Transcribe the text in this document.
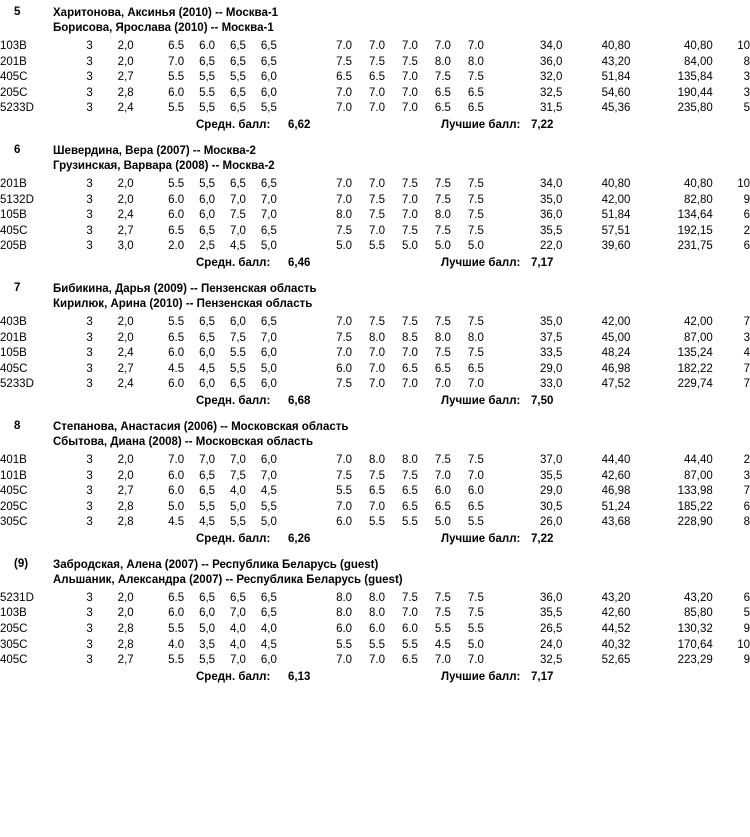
5	Харитонова, Аксинья (2010) -- Москва-1
Борисова, Ярослава (2010) -- Москва-1
103B	3	2,0		6.5	6.0	6,5	6,5		7.0	7.0	7.0	7.0	7.0		34,0		40,80		40,80		10
201B	3	2,0		7.0	6,5	6,5	6,5		7.5	7.5	7.5	8.0	8.0		36,0		43,20		84,00		8
405C	3	2,7		5.5	5,5	5,5	6,0		6.5	6.5	7.0	7.5	7.5		32,0		51,84		135,84		3
205C	3	2,8		6.0	5.5	6,5	6,0		7.0	7.0	7.0	6.5	6.5		32,5		54,60		190,44		3
5233D	3	2,4		5.5	5,5	6,5	5,5		7.0	7.0	7.0	6.5	6.5		31,5		45,36		235,80		5
Средн. балл: 6,62	Лучшие балл: 7,22
6	Шевердина, Вера (2007) -- Москва-2
Грузинская, Варвара (2008) -- Москва-2
201B	3	2,0		5.5	5,5	6,5	6,5		7.0	7.0	7.5	7.5	7.5		34,0		40,80		40,80		10
5132D	3	2,0		6.0	6,0	7,0	7,0		7.0	7.5	7.0	7.5	7.5		35,0		42,00		82,80		9
105B	3	2,4		6.0	6,0	7.5	7,0		8.0	7.5	7.0	8.0	7.5		36,0		51,84		134,64		6
405C	3	2,7		6.5	6,5	7,0	6,5		7.5	7.0	7.5	7.5	7.5		35,5		57,51		192,15		2
205B	3	3,0		2.0	2,5	4,5	5,0		5.0	5.5	5.0	5.0	5.0		22,0		39,60		231,75		6
Средн. балл: 6,46	Лучшие балл: 7,17
7	Бибикина, Дарья (2009) -- Пензенская область
Кирилюк, Арина (2010) -- Пензенская область
403B	3	2,0		5.5	6,5	6,0	6,5		7.0	7.5	7.5	7.5	7.5		35,0		42,00		42,00		7
201B	3	2,0		6.5	6,5	7,5	7,0		7.5	8.0	8.5	8.0	8.0		37,5		45,00		87,00		3
105B	3	2,4		6.0	6,0	5.5	6,0		7.0	7.0	7.0	7.5	7.5		33,5		48,24		135,24		4
405C	3	2,7		4.5	4,5	5,5	5,0		6.0	7.0	6.5	6.5	6.5		29,0		46,98		182,22		7
5233D	3	2,4		6.0	6,0	6,5	6,0		7.5	7.0	7.0	7.0	7.0		33,0		47,52		229,74		7
Средн. балл: 6,68	Лучшие балл: 7,50
8	Степанова, Анастасия (2006) -- Московская область
Сбытова, Диана (2008) -- Московская область
401B	3	2,0		7.0	7,0	7,0	6,0		7.0	8.0	8.0	7.5	7.5		37,0		44,40		44,40		2
101B	3	2,0		6.0	6,5	7,5	7,0		7.5	7.5	7.5	7.0	7.0		35,5		42,60		87,00		3
405C	3	2,7		6.0	6,5	4,0	4,5		5.5	6.5	6.5	6.0	6.0		29,0		46,98		133,98		7
205C	3	2,8		5.0	5,5	5,0	5,5		7.0	7.0	6.5	6.5	6.5		30,5		51,24		185,22		6
305C	3	2,8		4.5	4,5	5,5	5,0		6.0	5.5	5.5	5.0	5.5		26,0		43,68		228,90		8
Средн. балл: 6,26	Лучшие балл: 7,22
(9) Забродская, Алена (2007) -- Республика Беларусь (guest)
Альшаник, Александра (2007) -- Республика Беларусь (guest)
5231D	3	2,0		6.5	6,5	6,5	6,5		8.0	8.0	7.5	7.5	7.5		36,0		43,20		43,20		6
103B	3	2,0		6.0	6,0	7,0	6,5		8.0	8.0	7.0	7.5	7.5		35,5		42,60		85,80		5
205C	3	2,8		5.5	5,0	4,0	4,0		6.0	6.0	6.0	5.5	5.5		26,5		44,52		130,32		9
305C	3	2,8		4.0	3,5	4,0	4,5		5.5	5.5	5.5	4.5	5.0		24,0		40,32		170,64		10
405C	3	2,7		5.5	5,5	7,0	6,0		7.0	7.0	6.5	7.0	7.0		32,5		52,65		223,29		9
Средн. балл: 6,13	Лучшие балл: 7,17
